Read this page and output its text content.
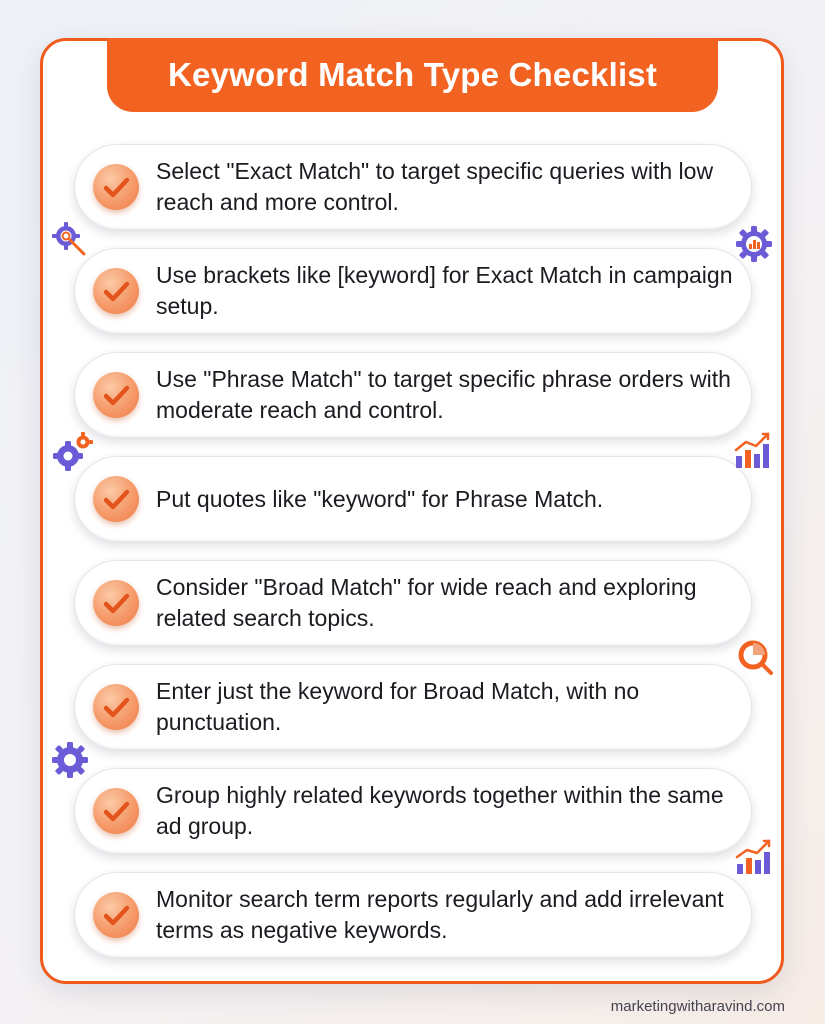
Keyword Match Type Checklist
Select "Exact Match" to target specific queries with low reach and more control.
Use brackets like [keyword] for Exact Match in campaign setup.
Use "Phrase Match" to target specific phrase orders with moderate reach and control.
Put quotes like "keyword" for Phrase Match.
Consider "Broad Match" for wide reach and exploring related search topics.
Enter just the keyword for Broad Match, with no punctuation.
Group highly related keywords together within the same ad group.
Monitor search term reports regularly and add irrelevant terms as negative keywords.
marketingwitharavind.com
